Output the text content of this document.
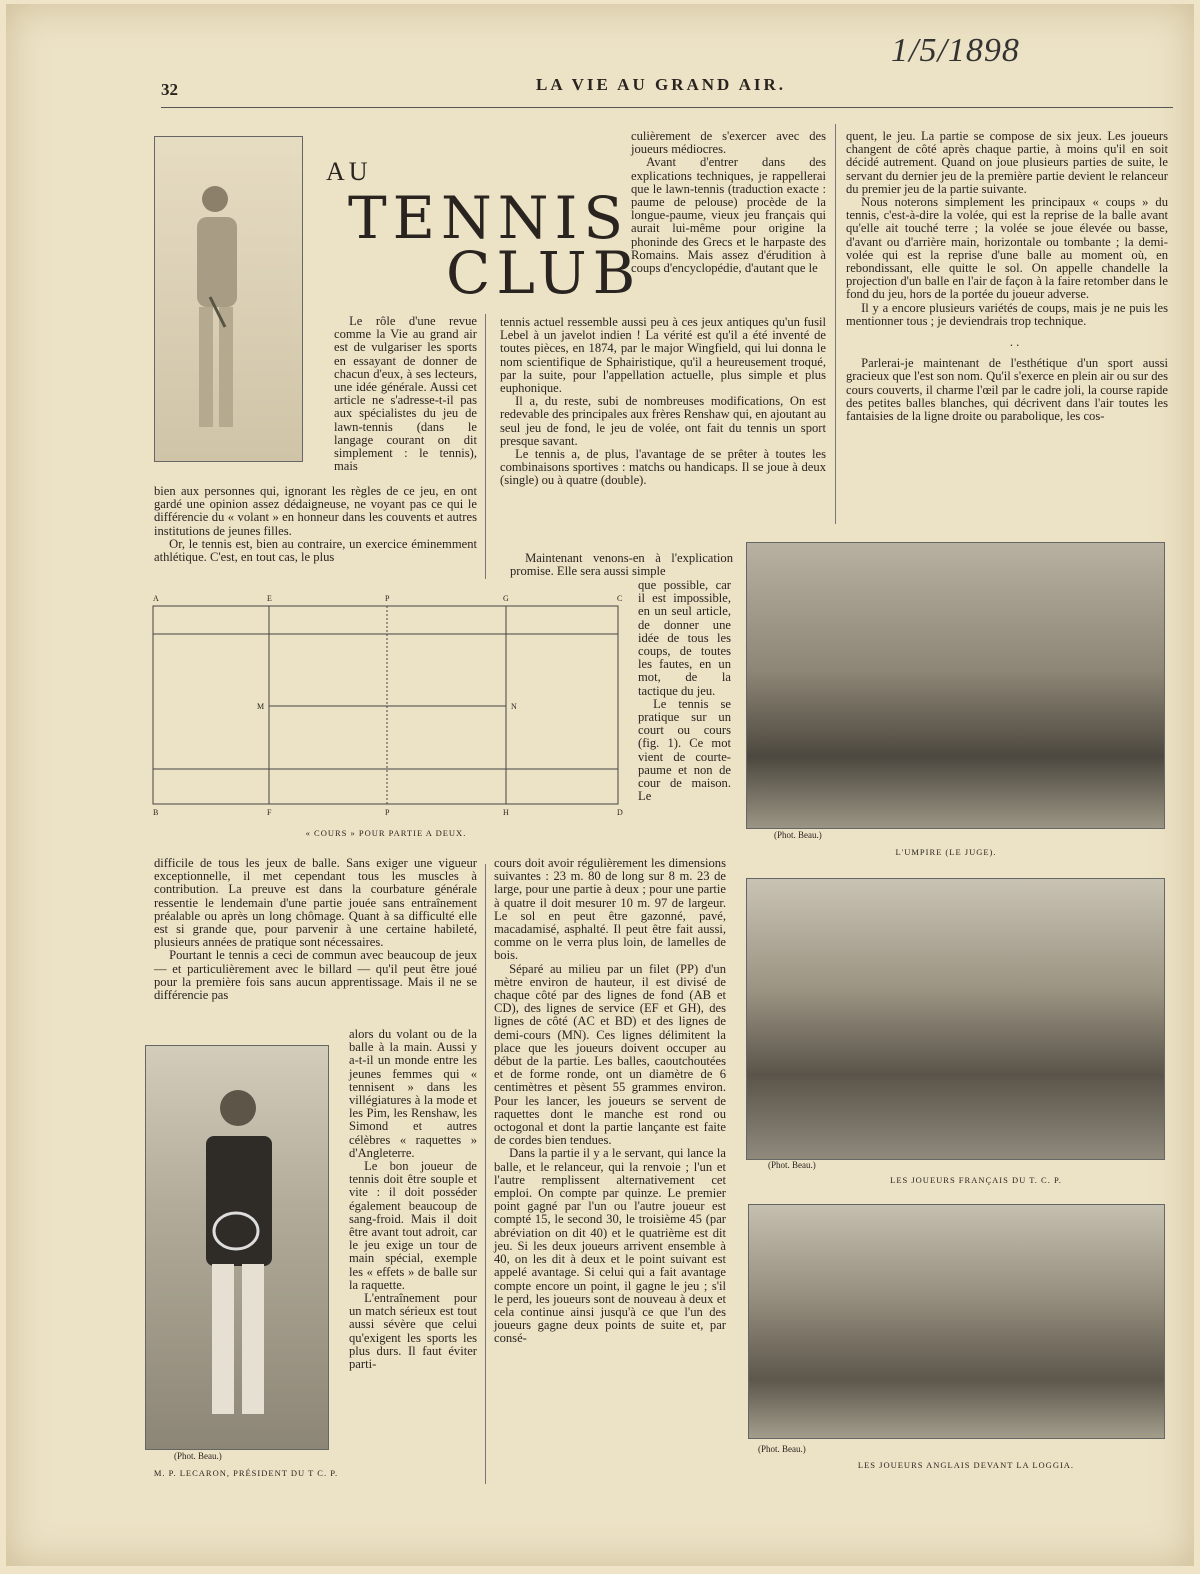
32	LA VIE AU GRAND AIR.
1/5/1898
AU
TENNIS
CLUB

Le rôle d'une revue comme la Vie au grand air est de vulgariser les sports en essayant de donner de chacun d'eux, à ses lecteurs, une idée générale. Aussi cet article ne s'adresse-t-il pas aux spécialistes du jeu de lawn-tennis (dans le langage courant on dit simplement : le tennis), mais

bien aux personnes qui, ignorant les règles de ce jeu, en ont gardé une opinion assez dédaigneuse, ne voyant pas ce qui le différencie du « volant » en honneur dans les couvents et autres institutions de jeunes filles.

Or, le tennis est, bien au contraire, un exercice éminemment athlétique. C'est, en tout cas, le plus

culièrement de s'exercer avec des joueurs médiocres.

Avant d'entrer dans des explications techniques, je rappellerai que le lawn-tennis (traduction exacte : paume de pelouse) procède de la longue-paume, vieux jeu français qui aurait lui-même pour origine la phoninde des Grecs et le harpaste des Romains. Mais assez d'érudition à coups d'encyclopédie, d'autant que le

tennis actuel ressemble aussi peu à ces jeux antiques qu'un fusil Lebel à un javelot indien ! La vérité est qu'il a été inventé de toutes pièces, en 1874, par le major Wingfield, qui lui donna le nom scientifique de Sphairistique, qu'il a heureusement troqué, par la suite, pour l'appellation actuelle, plus simple et plus euphonique.

Il a, du reste, subi de nombreuses modifications, On est redevable des principales aux frères Renshaw qui, en ajoutant au seul jeu de fond, le jeu de volée, ont fait du tennis un sport presque savant.

Le tennis a, de plus, l'avantage de se prêter à toutes les combinaisons sportives : matchs ou handicaps. Il se joue à deux (single) ou à quatre (double).

quent, le jeu. La partie se compose de six jeux. Les joueurs changent de côté après chaque partie, à moins qu'il en soit décidé autrement. Quand on joue plusieurs parties de suite, le servant du dernier jeu de la première partie devient le relanceur du premier jeu de la partie suivante.

Nous noterons simplement les principaux « coups » du tennis, c'est-à-dire la volée, qui est la reprise de la balle avant qu'elle ait touché terre ; la volée se joue élevée ou basse, d'avant ou d'arrière main, horizontale ou tombante ; la demi-volée qui est la reprise d'une balle au moment où, en rebondissant, elle quitte le sol. On appelle chandelle la projection d'un balle en l'air de façon à la faire retomber dans le fond du jeu, hors de la portée du joueur adverse.

Il y a encore plusieurs variétés de coups, mais je ne puis les mentionner tous ; je deviendrais trop technique.

. .

Parlerai-je maintenant de l'esthétique d'un sport aussi gracieux que l'est son nom. Qu'il s'exerce en plein air ou sur des cours couverts, il charme l'œil par le cadre joli, la course rapide des petites balles blanches, qui décrivent dans l'air toutes les fantaisies de la ligne droite ou parabolique, les cos-

Maintenant venons-en à l'explication promise. Elle sera aussi simple

que possible, car il est impossible, en un seul article, de donner une idée de tous les coups, de toutes les fautes, en un mot, de la tactique du jeu.

Le tennis se pratique sur un court ou cours (fig. 1). Ce mot vient de courte-paume et non de cour de maison. Le

A	E	P	G	C
M	N
B	F	P	H	D
« COURS » POUR PARTIE A DEUX.	(Phot. Beau.)
L'UMPIRE (LE JUGE).

difficile de tous les jeux de balle. Sans exiger une vigueur exceptionnelle, il met cependant tous les muscles à contribution. La preuve est dans la courbature générale ressentie le lendemain d'une partie jouée sans entraînement préalable ou après un long chômage. Quant à sa difficulté elle est si grande que, pour parvenir à une certaine habileté, plusieurs années de pratique sont nécessaires.

Pourtant le tennis a ceci de commun avec beaucoup de jeux — et particulièrement avec le billard — qu'il peut être joué pour la première fois sans aucun apprentissage. Mais il ne se différencie pas

cours doit avoir régulièrement les dimensions suivantes : 23 m. 80 de long sur 8 m. 23 de large, pour une partie à deux ; pour une partie à quatre il doit mesurer 10 m. 97 de largeur. Le sol en peut être gazonné, pavé, macadamisé, asphalté. Il peut être fait aussi, comme on le verra plus loin, de lamelles de bois.

Séparé au milieu par un filet (PP) d'un mètre environ de hauteur, il est divisé de chaque côté par des lignes de fond (AB et CD), des lignes de service (EF et GH), des lignes de côté (AC et BD) et des lignes de demi-cours (MN). Ces lignes délimitent la place que les joueurs doivent occuper au début de la partie. Les balles, caoutchoutées et de forme ronde, ont un diamètre de 6 centimètres et pèsent 55 grammes environ. Pour les lancer, les joueurs se servent de raquettes dont le manche est rond ou octogonal et dont la partie lançante est faite de cordes bien tendues.

Dans la partie il y a le servant, qui lance la balle, et le relanceur, qui la renvoie ; l'un et l'autre remplissent alternativement cet emploi. On compte par quinze. Le premier point gagné par l'un ou l'autre joueur est compté 15, le second 30, le troisième 45 (par abréviation on dit 40) et le quatrième est dit jeu. Si les deux joueurs arrivent ensemble à 40, on les dit à deux et le point suivant est appelé avantage. Si celui qui a fait avantage compte encore un point, il gagne le jeu ; s'il le perd, les joueurs sont de nouveau à deux et cela continue ainsi jusqu'à ce que l'un des joueurs gagne deux points de suite et, par consé-

(Phot. Beau.)
LES JOUEURS FRANÇAIS DU T. C. P.
(Phot. Beau.)
M. P. LECARON, PRÉSIDENT DU T C. P.

alors du volant ou de la balle à la main. Aussi y a-t-il un monde entre les jeunes femmes qui « tennisent » dans les villégiatures à la mode et les Pim, les Renshaw, les Simond et autres célèbres « raquettes » d'Angleterre.

Le bon joueur de tennis doit être souple et vite : il doit posséder également beaucoup de sang-froid. Mais il doit être avant tout adroit, car le jeu exige un tour de main spécial, exemple les « effets » de balle sur la raquette.

L'entraînement pour un match sérieux est tout aussi sévère que celui qu'exigent les sports les plus durs. Il faut éviter parti-

(Phot. Beau.)
LES JOUEURS ANGLAIS DEVANT LA LOGGIA.
